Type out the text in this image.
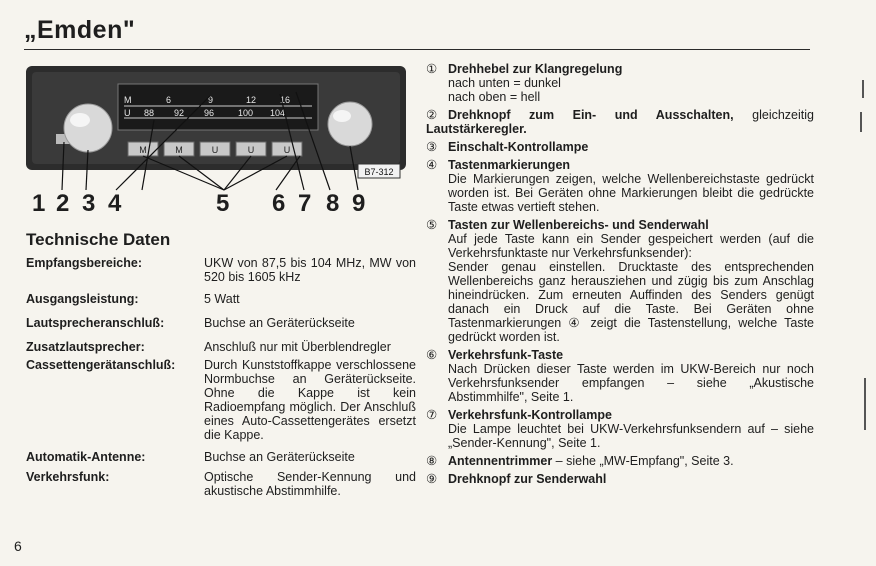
„Emden"
M	6	9	12	16
U 88 92 96	100 104
M	M	U	U	U
B7-312
1 2 3 4	5 6 7 8 9
Technische Daten
Empfangsbereiche:	UKW von 87,5 bis 104 MHz, MW von 520 bis 1605 kHz
Ausgangsleistung:	5 Watt
Lautsprecheranschluß:	Buchse an Geräterückseite
Zusatzlautsprecher:	Anschluß nur mit Überblendregler
Cassettengerätanschluß:	Durch Kunststoffkappe verschlossene Normbuchse an Geräterückseite. Ohne die Kappe ist kein Radioempfang möglich. Der Anschluß eines Auto-Cassettengerätes ersetzt die Kappe.
Automatik-Antenne:	Buchse an Geräterückseite
Verkehrsfunk:	Optische Sender-Kennung und akustische Abstimmhilfe.
① Drehhebel zur Klangregelung
nach unten = dunkel
nach oben = hell
② Drehknopf zum Ein- und Ausschalten, gleichzeitig Lautstärkeregler.
③ Einschalt-Kontrollampe
④ Tastenmarkierungen
Die Markierungen zeigen, welche Wellenbereichstaste gedrückt worden ist. Bei Geräten ohne Markierungen bleibt die gedrückte Taste etwas vertieft stehen.
⑤ Tasten zur Wellenbereichs- und Senderwahl
Auf jede Taste kann ein Sender gespeichert werden (auf die Verkehrsfunktaste nur Verkehrsfunksender):
Sender genau einstellen. Drucktaste des entsprechenden Wellenbereichs ganz herausziehen und zügig bis zum Anschlag hineindrücken. Zum erneuten Auffinden des Senders genügt danach ein Druck auf die Taste. Bei Geräten ohne Tastenmarkierungen ④ zeigt die Tastenstellung, welche Taste gedrückt worden ist.
⑥ Verkehrsfunk-Taste
Nach Drücken dieser Taste werden im UKW-Bereich nur noch Verkehrsfunksender empfangen – siehe „Akustische Abstimmhilfe", Seite 1.
⑦ Verkehrsfunk-Kontrollampe
Die Lampe leuchtet bei UKW-Verkehrsfunksendern auf – siehe „Sender-Kennung", Seite 1.
⑧ Antennentrimmer – siehe „MW-Empfang", Seite 3.
⑨ Drehknopf zur Senderwahl
6
